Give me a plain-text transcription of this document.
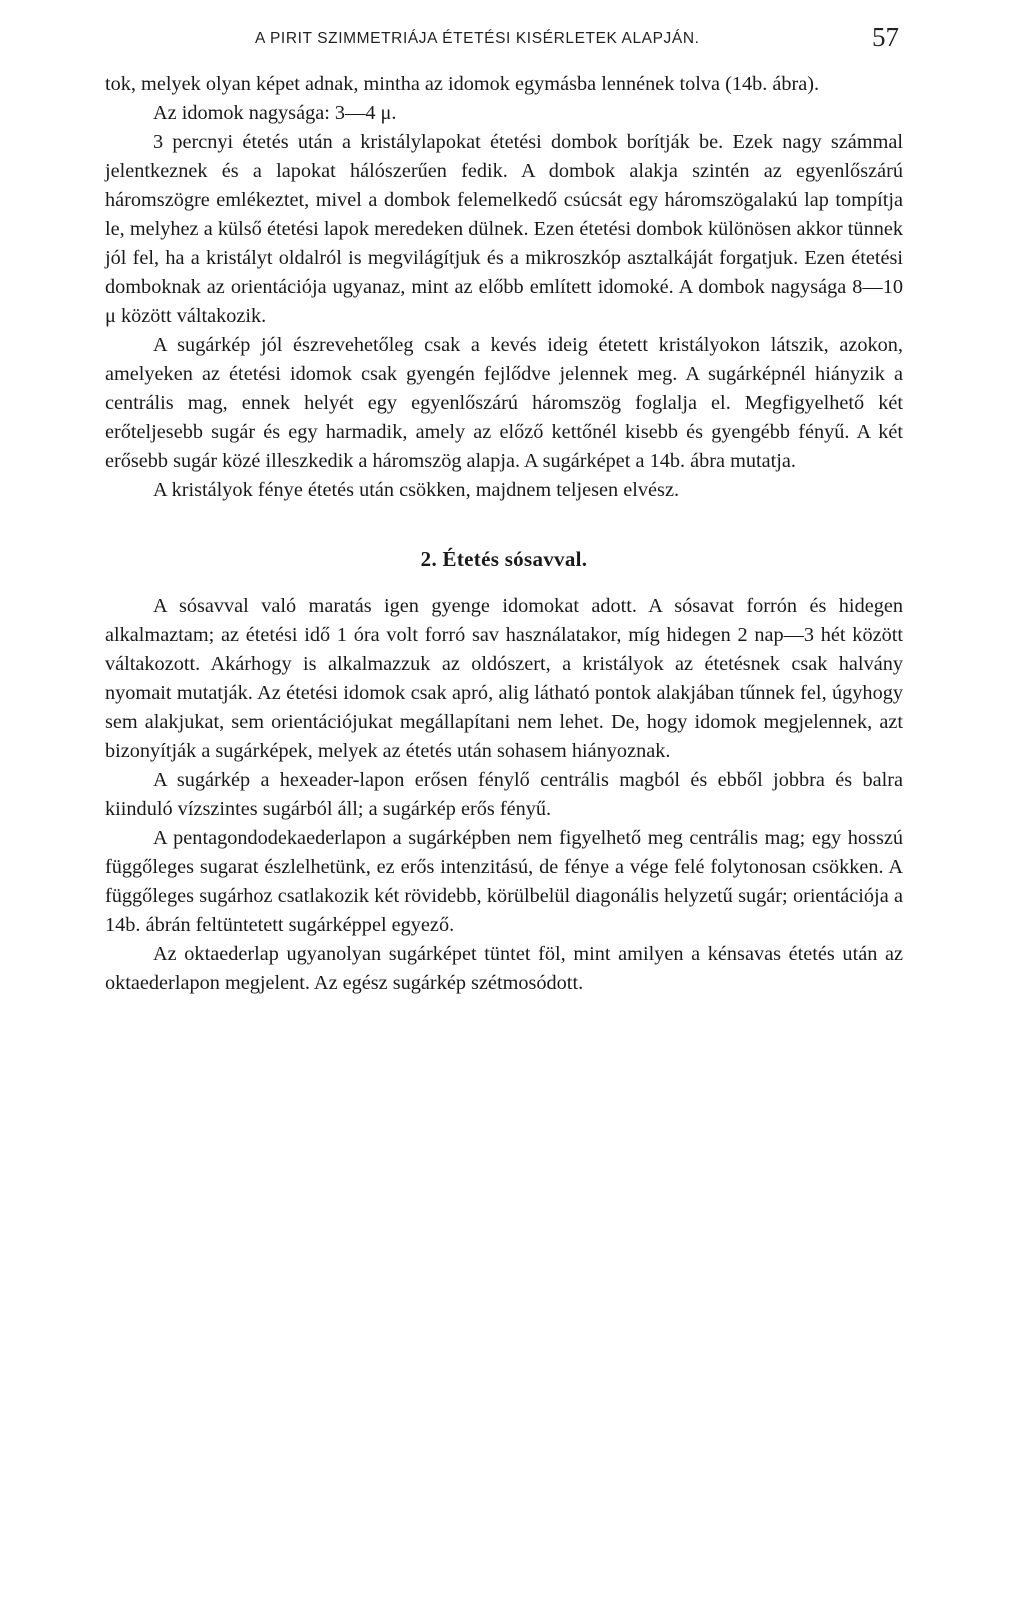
A PIRIT SZIMMETRIÁJA ÉTETÉSI KISÉRLETEK ALAPJÁN.	57

tok, melyek olyan képet adnak, mintha az idomok egymásba lennének tolva (14b. ábra).

Az idomok nagysága: 3—4 μ.

3 percnyi étetés után a kristálylapokat étetési dombok borítják be. Ezek nagy számmal jelentkeznek és a lapokat hálószerűen fedik. A dombok alakja szintén az egyenlőszárú háromszögre emlékeztet, mivel a dombok felemelkedő csúcsát egy háromszögalakú lap tompítja le, melyhez a külső étetési lapok meredeken dülnek. Ezen étetési dombok különösen akkor tünnek jól fel, ha a kristályt oldalról is megvilágítjuk és a mikroszkóp asztalkáját forgatjuk. Ezen étetési domboknak az orientációja ugyanaz, mint az előbb említett idomoké. A dombok nagysága 8—10 μ között váltakozik.

A sugárkép jól észrevehetőleg csak a kevés ideig étetett kristályokon látszik, azokon, amelyeken az étetési idomok csak gyengén fejlődve jelennek meg. A sugárképnél hiányzik a centrális mag, ennek helyét egy egyenlőszárú háromszög foglalja el. Megfigyelhető két erőteljesebb sugár és egy harmadik, amely az előző kettőnél kisebb és gyengébb fényű. A két erősebb sugár közé illeszkedik a háromszög alapja. A sugárképet a 14b. ábra mutatja.

A kristályok fénye étetés után csökken, majdnem teljesen elvész.

2. Étetés sósavval.

A sósavval való maratás igen gyenge idomokat adott. A sósavat forrón és hidegen alkalmaztam; az étetési idő 1 óra volt forró sav használatakor, míg hidegen 2 nap—3 hét között váltakozott. Akárhogy is alkalmazzuk az oldószert, a kristályok az étetésnek csak halvány nyomait mutatják. Az étetési idomok csak apró, alig látható pontok alakjában tűnnek fel, úgyhogy sem alakjukat, sem orientációjukat megállapítani nem lehet. De, hogy idomok megjelennek, azt bizonyítják a sugárképek, melyek az étetés után sohasem hiányoznak.

A sugárkép a hexeader-lapon erősen fénylő centrális magból és ebből jobbra és balra kiinduló vízszintes sugárból áll; a sugárkép erős fényű.

A pentagondodekaederlapon a sugárképben nem figyelhető meg centrális mag; egy hosszú függőleges sugarat észlelhetünk, ez erős intenzitású, de fénye a vége felé folytonosan csökken. A függőleges sugárhoz csatlakozik két rövidebb, körülbelül diagonális helyzetű sugár; orientációja a 14b. ábrán feltüntetett sugárképpel egyező.

Az oktaederlap ugyanolyan sugárképet tüntet föl, mint amilyen a kénsavas étetés után az oktaederlapon megjelent. Az egész sugárkép szétmosódott.
